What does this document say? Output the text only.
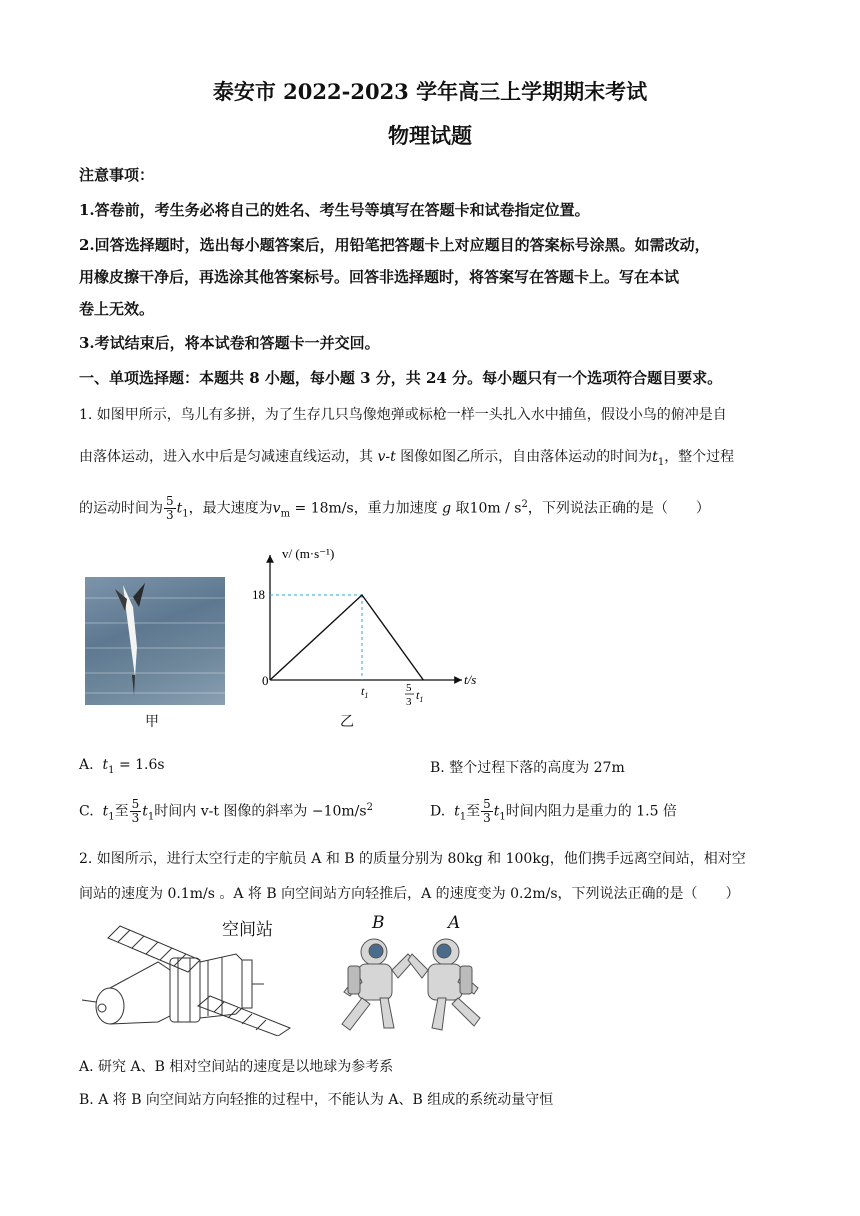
泰安市 2022-2023 学年高三上学期期末考试
物理试题
注意事项：
1.答卷前，考生务必将自己的姓名、考生号等填写在答题卡和试卷指定位置。
2.回答选择题时，选出每小题答案后，用铅笔把答题卡上对应题目的答案标号涂黑。如需改动，
用橡皮擦干净后，再选涂其他答案标号。回答非选择题时，将答案写在答题卡上。写在本试
卷上无效。
3.考试结束后，将本试卷和答题卡一并交回。
一、单项选择题：本题共 8 小题，每小题 3 分，共 24 分。每小题只有一个选项符合题目要求。
1. 如图甲所示，鸟儿有多拼，为了生存几只鸟像炮弹或标枪一样一头扎入水中捕鱼，假设小鸟的俯冲是自
由落体运动，进入水中后是匀减速直线运动，其 v-t 图像如图乙所示，自由落体运动的时间为$t_1$，整个过程
的运动时间为 $\frac{5}{3} t_1$，最大速度为$v_m = 18m/s$，重力加速度 g 取$10m / s^2$，下列说法正确的是（　　）
甲
v/ (m·s⁻¹)
18
0	t/s
$t_1$
5
3 $t_1$
乙
A. $t_1 = 1.6s$	B. 整个过程下落的高度为 27m
C. $t_1$至 $\frac{5}{3} t_1$时间内 v-t 图像的斜率为 $-10m/s^2$	D. $t_1$至 $\frac{5}{3} t_1$时间内阻力是重力的 1.5 倍
2. 如图所示，进行太空行走的宇航员 A 和 B 的质量分别为 80kg 和 100kg，他们携手远离空间站，相对空
间站的速度为 0.1m/s 。A 将 B 向空间站方向轻推后，A 的速度变为 0.2m/s，下列说法正确的是（　　）
空间站	B	A
A. 研究 A、B 相对空间站的速度是以地球为参考系
B. A 将 B 向空间站方向轻推的过程中，不能认为 A、B 组成的系统动量守恒
